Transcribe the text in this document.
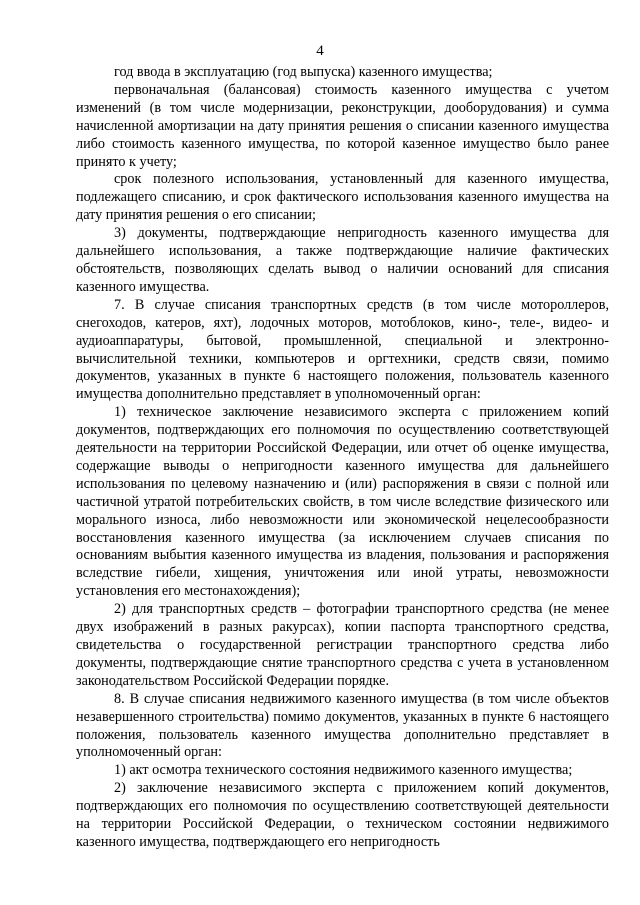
4

год ввода в эксплуатацию (год выпуска) казенного имущества;

первоначальная (балансовая) стоимость казенного имущества с учетом изменений (в том числе модернизации, реконструкции, дооборудования) и сумма начисленной амортизации на дату принятия решения о списании казенного имущества либо стоимость казенного имущества, по которой казенное имущество было ранее принято к учету;

срок полезного использования, установленный для казенного имущества, подлежащего списанию, и срок фактического использования казенного имущества на дату принятия решения о его списании;

3) документы, подтверждающие непригодность казенного имущества для дальнейшего использования, а также подтверждающие наличие фактических обстоятельств, позволяющих сделать вывод о наличии оснований для списания казенного имущества.

7. В случае списания транспортных средств (в том числе мотороллеров, снегоходов, катеров, яхт), лодочных моторов, мотоблоков, кино-, теле-, видео- и аудиоаппаратуры, бытовой, промышленной, специальной и электронно-вычислительной техники, компьютеров и оргтехники, средств связи, помимо документов, указанных в пункте 6 настоящего положения, пользователь казенного имущества дополнительно представляет в уполномоченный орган:

1) техническое заключение независимого эксперта с приложением копий документов, подтверждающих его полномочия по осуществлению соответствующей деятельности на территории Российской Федерации, или отчет об оценке имущества, содержащие выводы о непригодности казенного имущества для дальнейшего использования по целевому назначению и (или) распоряжения в связи с полной или частичной утратой потребительских свойств, в том числе вследствие физического или морального износа, либо невозможности или экономической нецелесообразности восстановления казенного имущества (за исключением случаев списания по основаниям выбытия казенного имущества из владения, пользования и распоряжения вследствие гибели, хищения, уничтожения или иной утраты, невозможности установления его местонахождения);

2) для транспортных средств – фотографии транспортного средства (не менее двух изображений в разных ракурсах), копии паспорта транспортного средства, свидетельства о государственной регистрации транспортного средства либо документы, подтверждающие снятие транспортного средства с учета в установленном законодательством Российской Федерации порядке.

8. В случае списания недвижимого казенного имущества (в том числе объектов незавершенного строительства) помимо документов, указанных в пункте 6 настоящего положения, пользователь казенного имущества дополнительно представляет в уполномоченный орган:

1) акт осмотра технического состояния недвижимого казенного имущества;

2) заключение независимого эксперта с приложением копий документов, подтверждающих его полномочия по осуществлению соответствующей деятельности на территории Российской Федерации, о техническом состоянии недвижимого казенного имущества, подтверждающего его непригодность
